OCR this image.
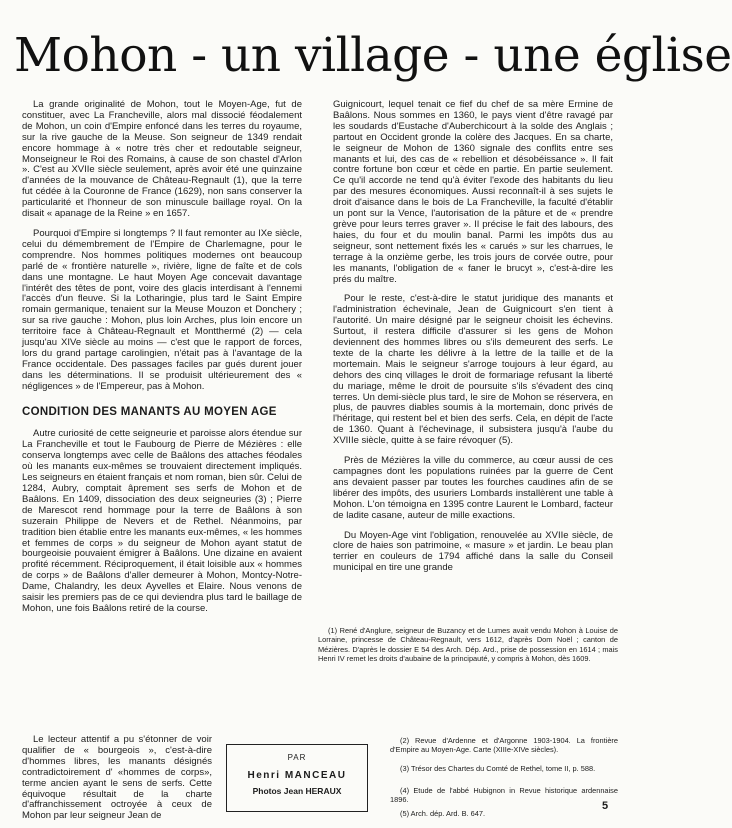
Mohon - un village - une église

La grande originalité de Mohon, tout le Moyen-Age, fut de constituer, avec La Francheville, alors mal dissocié féodalement de Mohon, un coin d'Empire enfoncé dans les terres du royaume, sur la rive gauche de la Meuse. Son seigneur de 1349 rendait encore hommage à « notre très cher et redoutable seigneur, Monseigneur le Roi des Romains, à cause de son chastel d'Arlon ». C'est au XVIIe siècle seulement, après avoir été une quinzaine d'années de la mouvance de Château-Regnault (1), que la terre fut cédée à la Couronne de France (1629), non sans conserver la particularité et l'honneur de son minuscule baillage royal. On la disait « apanage de la Reine » en 1657.

Pourquoi d'Empire si longtemps ? Il faut remonter au IXe siècle, celui du démembrement de l'Empire de Charlemagne, pour le comprendre. Nos hommes politiques modernes ont beaucoup parlé de « frontière naturelle », rivière, ligne de faîte et de cols dans une montagne. Le haut Moyen Age concevait davantage l'intérêt des têtes de pont, voire des glacis interdisant à l'ennemi l'accès d'un fleuve. Si la Lotharingie, plus tard le Saint Empire romain germanique, tenaient sur la Meuse Mouzon et Donchery ; sur sa rive gauche : Mohon, plus loin Arches, plus loin encore un territoire face à Château-Regnault et Montthermé (2) — cela jusqu'au XIVe siècle au moins — c'est que le rapport de forces, lors du grand partage carolingien, n'était pas à l'avantage de la France occidentale. Des passages faciles par gués durent jouer dans les déterminations. Il se produisit ultérieurement des « négligences » de l'Empereur, pas à Mohon.

CONDITION DES MANANTS AU MOYEN AGE

Autre curiosité de cette seigneurie et paroisse alors étendue sur La Francheville et tout le Faubourg de Pierre de Mézières : elle conserva longtemps avec celle de Baâlons des attaches féodales où les manants eux-mêmes se trouvaient directement impliqués. Les seigneurs en étaient français et nom roman, bien sûr. Celui de 1284, Aubry, comptait âprement ses serfs de Mohon et de Baâlons. En 1409, dissociation des deux seigneuries (3) ; Pierre de Marescot rend hommage pour la terre de Baâlons à son suzerain Philippe de Nevers et de Rethel. Néanmoins, par tradition bien établie entre les manants eux-mêmes, « les hommes et femmes de corps » du seigneur de Mohon ayant statut de bourgeoisie pouvaient émigrer à Baâlons. Une dizaine en avaient profité récemment. Réciproquement, il était loisible aux « hommes de corps » de Baâlons d'aller demeurer à Mohon, Montcy-Notre-Dame, Chalandry, les deux Ayvelles et Elaire. Nous venons de saisir les premiers pas de ce qui deviendra plus tard le baillage de Mohon, une fois Baâlons retiré de la course.

Le lecteur attentif a pu s'étonner de voir qualifier de « bourgeois », c'est-à-dire d'hommes libres, les manants désignés contradictoirement d' «hommes de corps», terme ancien ayant le sens de serfs. Cette équivoque résultait de la charte d'affranchissement octroyée à ceux de Mohon par leur seigneur Jean de

PAR
Henri MANCEAU
Photos Jean HERAUX

Guignicourt, lequel tenait ce fief du chef de sa mère Ermine de Baâlons. Nous sommes en 1360, le pays vient d'être ravagé par les soudards d'Eustache d'Auberchicourt à la solde des Anglais ; partout en Occident gronde la colère des Jacques. En sa charte, le seigneur de Mohon de 1360 signale des conflits entre ses manants et lui, des cas de « rebellion et désobéissance ». Il fait contre fortune bon cœur et cède en partie. En partie seulement. Ce qu'il accorde ne tend qu'à éviter l'exode des habitants du lieu par des mesures économiques. Aussi reconnaît-il à ses sujets le droit d'aisance dans le bois de La Francheville, la faculté d'établir un pont sur la Vence, l'autorisation de la pâture et de « prendre grève pour leurs terres graver ». Il précise le fait des labours, des haies, du four et du moulin banal. Parmi les impôts dus au seigneur, sont nettement fixés les « carués » sur les charrues, le terrage à la onzième gerbe, les trois jours de corvée outre, pour les manants, l'obligation de « faner le brucyt », c'est-à-dire les prés du maître.

Pour le reste, c'est-à-dire le statut juridique des manants et l'administration échevinale, Jean de Guignicourt s'en tient à l'autorité. Un maire désigné par le seigneur choisit les échevins. Surtout, il restera difficile d'assurer si les gens de Mohon deviennent des hommes libres ou s'ils demeurent des serfs. Le texte de la charte les délivre à la lettre de la taille et de la mortemain. Mais le seigneur s'arroge toujours à leur égard, au dehors des cinq villages le droit de formariage refusant la liberté du mariage, même le droit de poursuite s'ils s'évadent des cinq terres. Un demi-siècle plus tard, le sire de Mohon se réservera, en plus, de pauvres diables soumis à la mortemain, donc privés de l'héritage, qui restent bel et bien des serfs. Cela, en dépit de l'acte de 1360. Quant à l'échevinage, il subsistera jusqu'à l'aube du XVIIIe siècle, quitte à se faire révoquer (5).

Près de Mézières la ville du commerce, au cœur aussi de ces campagnes dont les populations ruinées par la guerre de Cent ans devaient passer par toutes les fourches caudines afin de se libérer des impôts, des usuriers Lombards installèrent une table à Mohon. L'on témoigna en 1395 contre Laurent le Lombard, facteur de ladite casane, auteur de mille exactions.

Du Moyen-Age vint l'obligation, renouvelée au XVIIe siècle, de clore de haies son patrimoine, « masure » et jardin. Le beau plan terrier en couleurs de 1794 affiché dans la salle du Conseil municipal en tire une grande

(1) René d'Anglure, seigneur de Buzancy et de Lumes avait vendu Mohon à Louise de Lorraine, princesse de Château-Regnault, vers 1612, d'après Dom Noël ; canton de Mézières. D'après le dossier E 54 des Arch. Dép. Ard., prise de possession en 1614 ; mais Henri IV remet les droits d'aubaine de la principauté, y compris à Mohon, dès 1609.

(2) Revue d'Ardenne et d'Argonne 1903-1904. La frontière d'Empire au Moyen-Age. Carte (XIIIe-XIVe siècles).

(3) Trésor des Chartes du Comté de Rethel, tome II, p. 588.

(4) Etude de l'abbé Hubignon in Revue historique ardennaise 1896.

(5) Arch. dép. Ard. B. 647.

5
